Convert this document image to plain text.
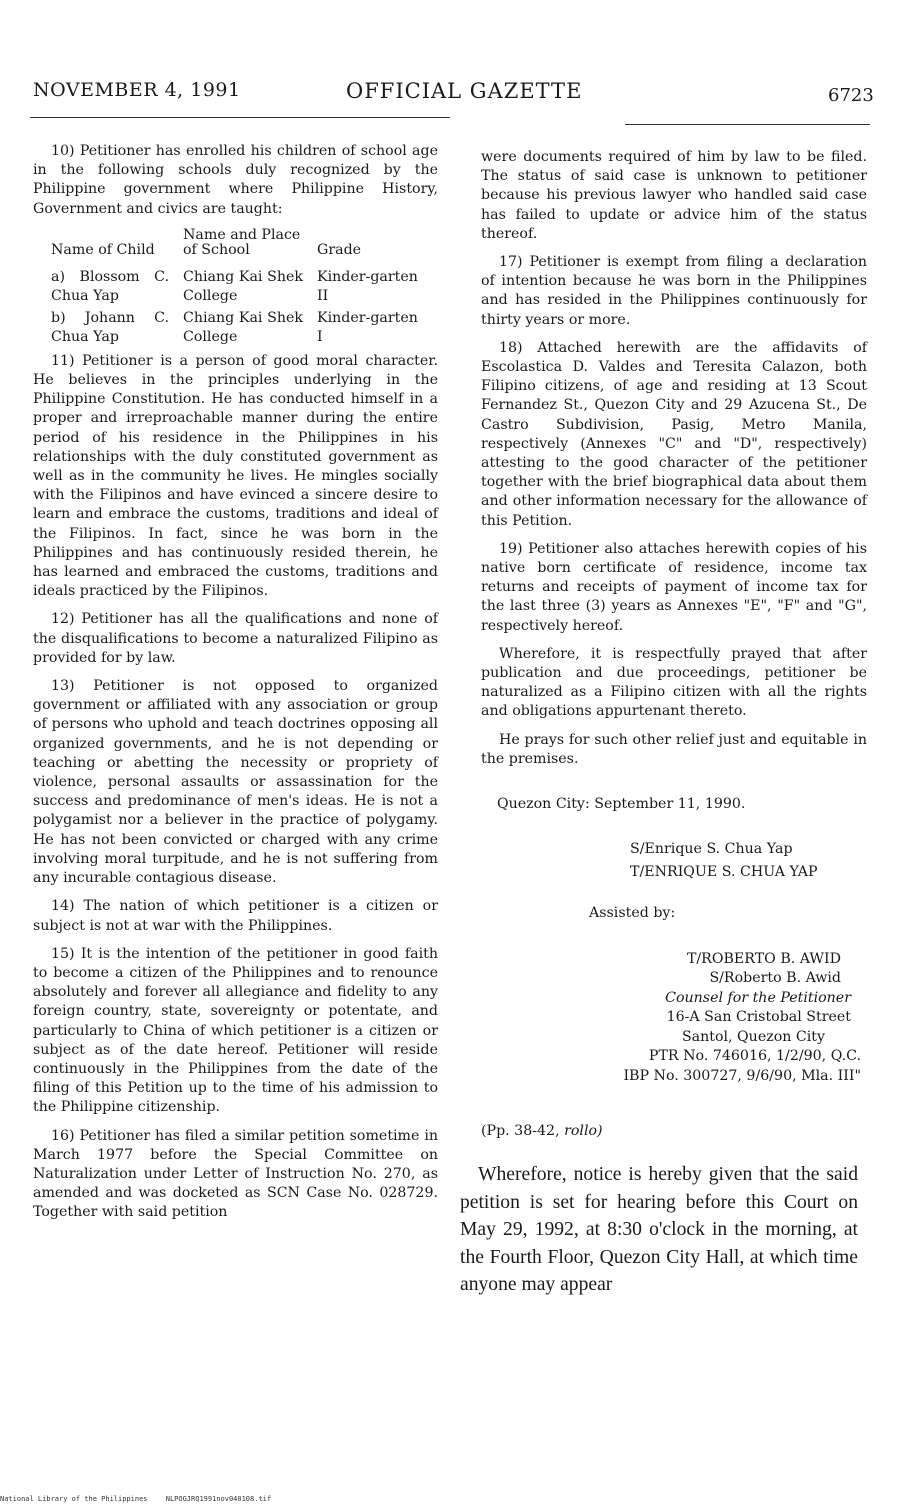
NOVEMBER 4, 1991	OFFICIAL GAZETTE	6723

10) Petitioner has enrolled his children of school age in the following schools duly recognized by the Philippine government where Philippine History, Government and civics are taught:

Name of Child	Name and Place of School	Grade
a) Blossom C. Chua Yap	Chiang Kai Shek College	Kinder-garten II
b) Johann C. Chua Yap	Chiang Kai Shek College	Kinder-garten I

11) Petitioner is a person of good moral character. He believes in the principles underlying in the Philippine Constitution. He has conducted himself in a proper and irreproachable manner during the entire period of his residence in the Philippines in his relationships with the duly constituted government as well as in the community he lives. He mingles socially with the Filipinos and have evinced a sincere desire to learn and embrace the customs, traditions and ideal of the Filipinos. In fact, since he was born in the Philippines and has continuously resided therein, he has learned and embraced the customs, traditions and ideals practiced by the Filipinos.

12) Petitioner has all the qualifications and none of the disqualifications to become a naturalized Filipino as provided for by law.

13) Petitioner is not opposed to organized government or affiliated with any association or group of persons who uphold and teach doctrines opposing all organized governments, and he is not depending or teaching or abetting the necessity or propriety of violence, personal assaults or assassination for the success and predominance of men's ideas. He is not a polygamist nor a believer in the practice of polygamy. He has not been convicted or charged with any crime involving moral turpitude, and he is not suffering from any incurable contagious disease.

14) The nation of which petitioner is a citizen or subject is not at war with the Philippines.

15) It is the intention of the petitioner in good faith to become a citizen of the Philippines and to renounce absolutely and forever all allegiance and fidelity to any foreign country, state, sovereignty or potentate, and particularly to China of which petitioner is a citizen or subject as of the date hereof. Petitioner will reside continuously in the Philippines from the date of the filing of this Petition up to the time of his admission to the Philippine citizenship.

16) Petitioner has filed a similar petition sometime in March 1977 before the Special Committee on Naturalization under Letter of Instruction No. 270, as amended and was docketed as SCN Case No. 028729. Together with said petition

were documents required of him by law to be filed. The status of said case is unknown to petitioner because his previous lawyer who handled said case has failed to update or advice him of the status thereof.

17) Petitioner is exempt from filing a declaration of intention because he was born in the Philippines and has resided in the Philippines continuously for thirty years or more.

18) Attached herewith are the affidavits of Escolastica D. Valdes and Teresita Calazon, both Filipino citizens, of age and residing at 13 Scout Fernandez St., Quezon City and 29 Azucena St., De Castro Subdivision, Pasig, Metro Manila, respectively (Annexes "C" and "D", respectively) attesting to the good character of the petitioner together with the brief biographical data about them and other information necessary for the allowance of this Petition.

19) Petitioner also attaches herewith copies of his native born certificate of residence, income tax returns and receipts of payment of income tax for the last three (3) years as Annexes "E", "F" and "G", respectively hereof.

Wherefore, it is respectfully prayed that after publication and due proceedings, petitioner be naturalized as a Filipino citizen with all the rights and obligations appurtenant thereto.

He prays for such other relief just and equitable in the premises.

Quezon City: September 11, 1990.
S/Enrique S. Chua Yap
T/ENRIQUE S. CHUA YAP
Assisted by:
T/ROBERTO B. AWID
S/Roberto B. Awid
Counsel for the Petitioner
16-A San Cristobal Street
Santol, Quezon City
PTR No. 746016, 1/2/90, Q.C.
IBP No. 300727, 9/6/90, Mla. III"
(Pp. 38-42, rollo)

Wherefore, notice is hereby given that the said petition is set for hearing before this Court on May 29, 1992, at 8:30 o'clock in the morning, at the Fourth Floor, Quezon City Hall, at which time anyone may appear

National Library of the Philippines	NLPOGJRQ1991nov040108.tif
